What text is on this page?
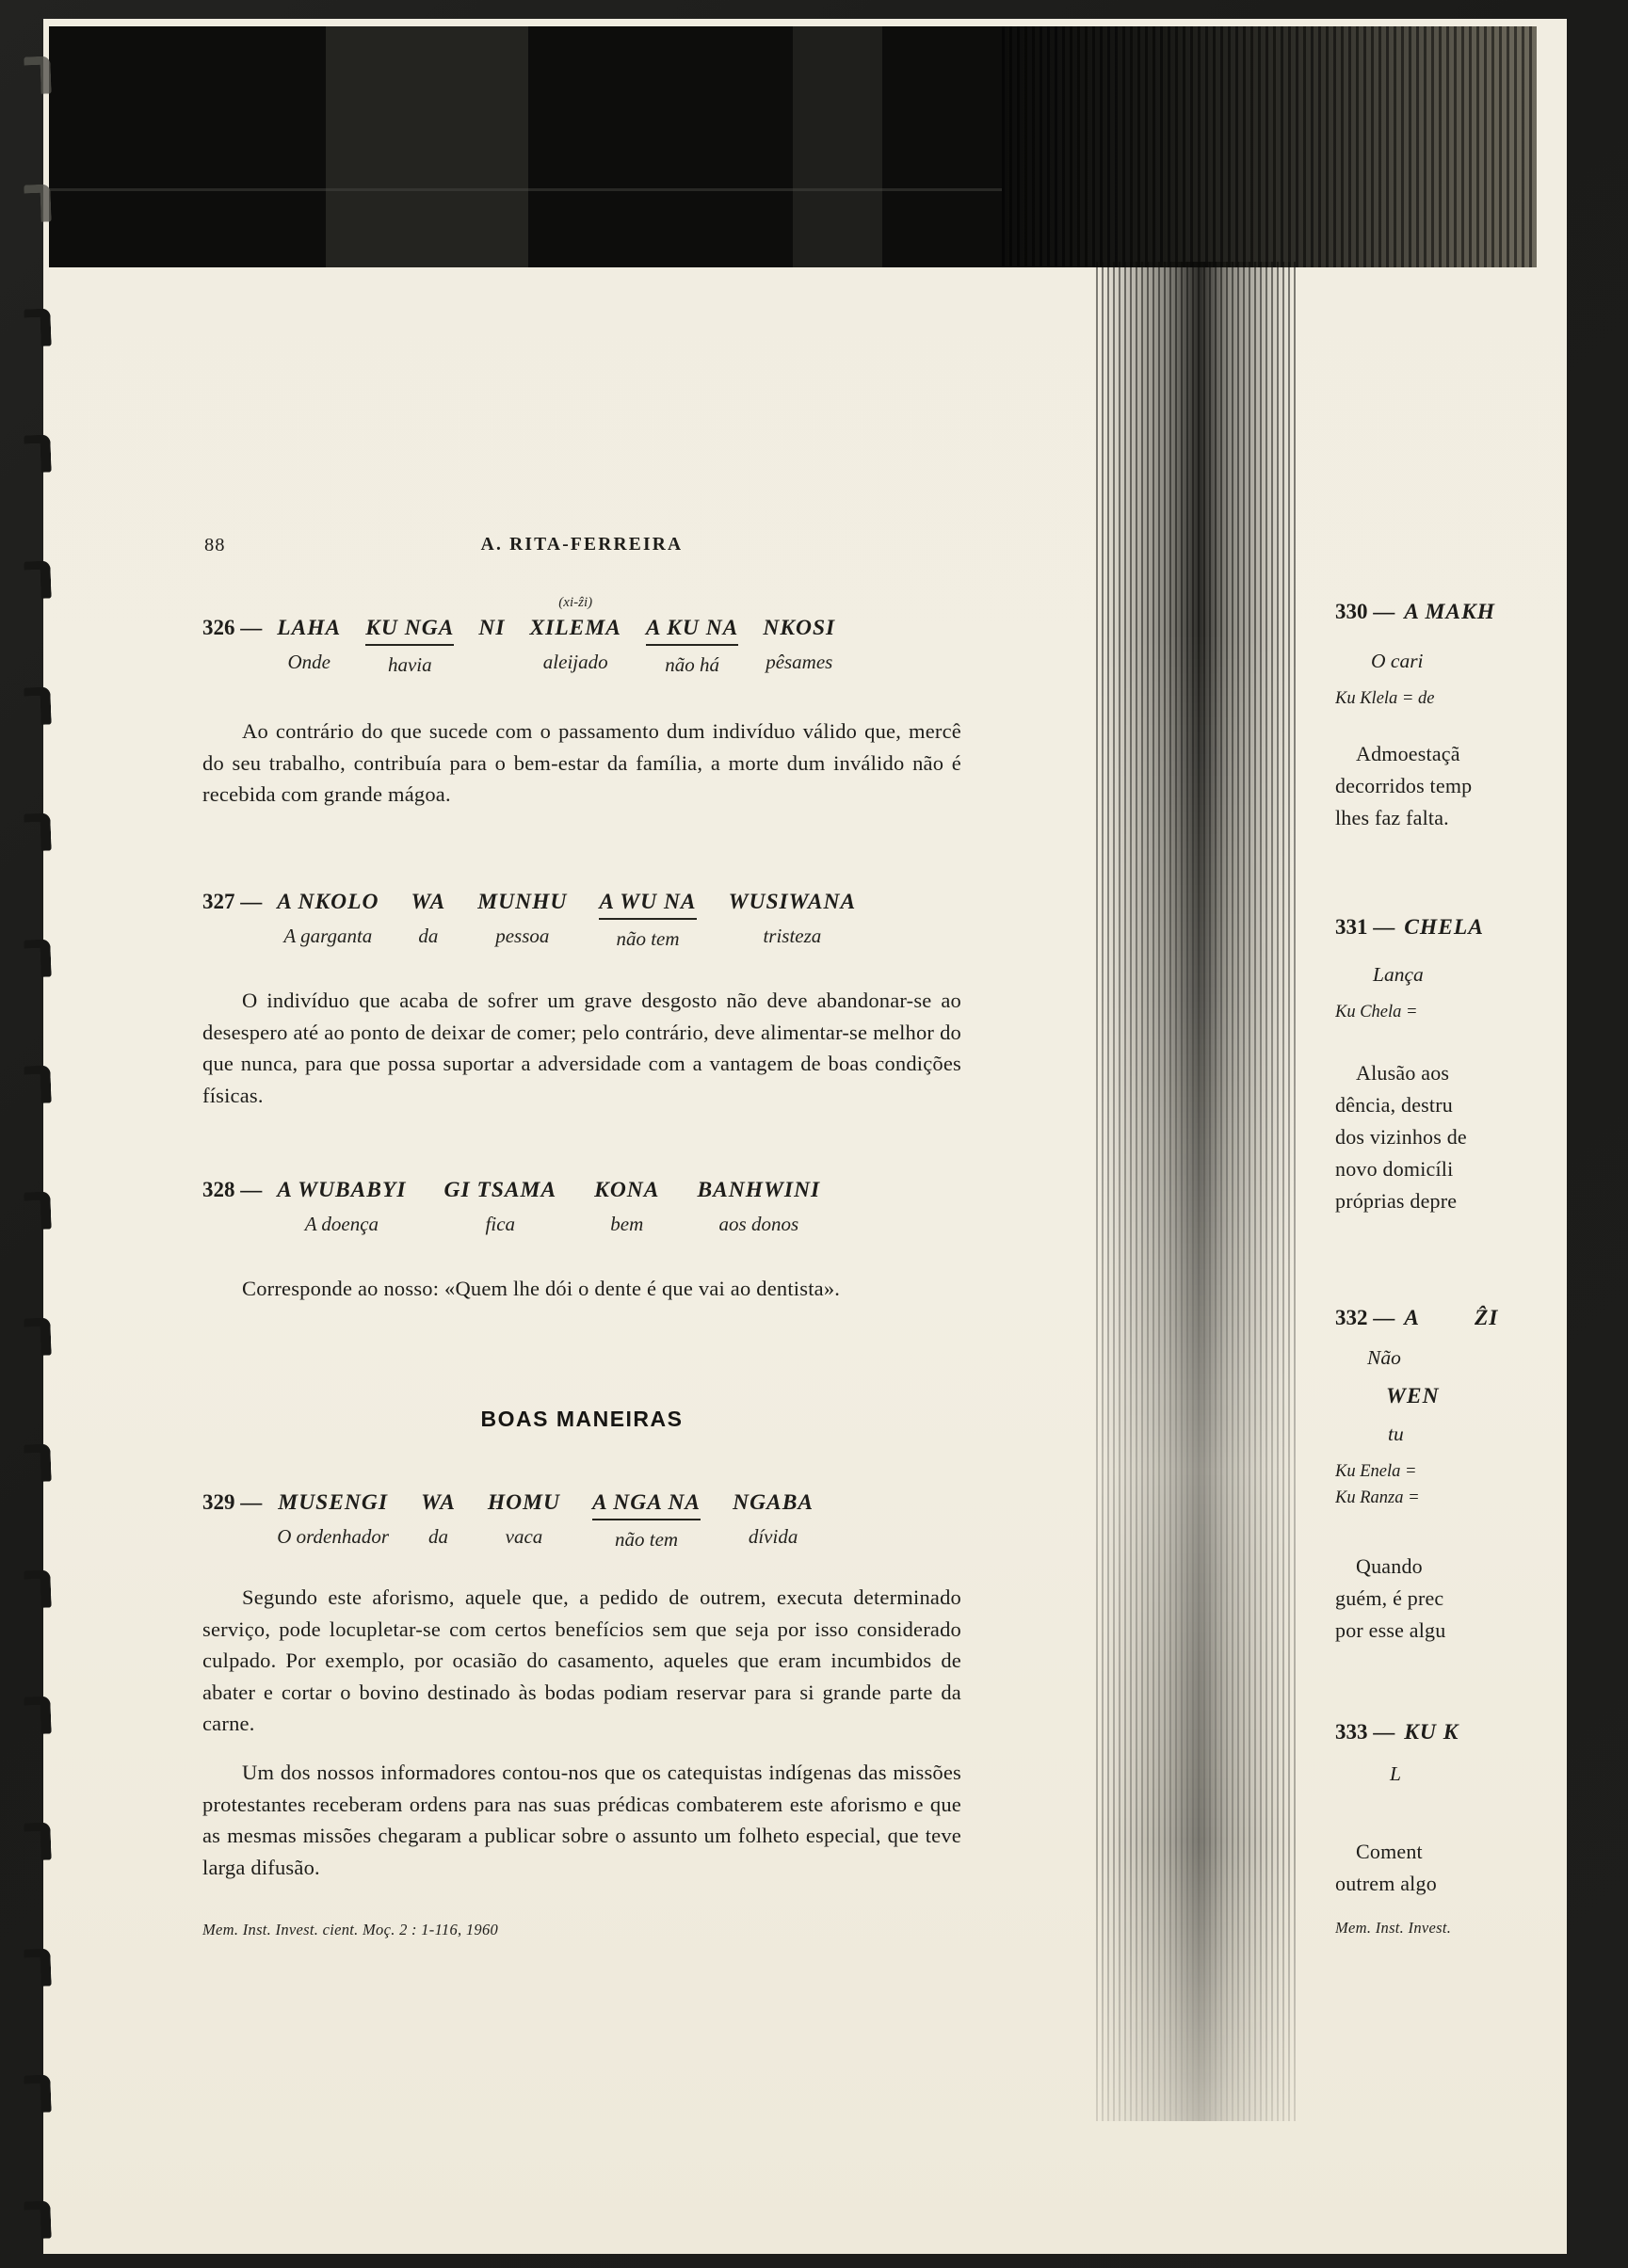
88	A. RITA-FERREIRA
326 — LAHA
Onde
KU NGA
havia
NI
(xi-ẑi)
XILEMA
aleijado
A KU NA
não há
NKOSI
pêsames

Ao contrário do que sucede com o passamento dum indivíduo válido que, mercê do seu trabalho, contribuía para o bem-estar da família, a morte dum inválido não é recebida com grande mágoa.

327 — A NKOLO
A garganta
WA
da
MUNHU
pessoa
A WU NA
não tem
WUSIWANA
tristeza

O indivíduo que acaba de sofrer um grave desgosto não deve abandonar-se ao desespero até ao ponto de deixar de comer; pelo contrário, deve alimentar-se melhor do que nunca, para que possa suportar a adversidade com a vantagem de boas condições físicas.

328 — A WUBABYI
A doença
GI TSAMA
fica
KONA
bem
BANHWINI
aos donos

Corresponde ao nosso: «Quem lhe dói o dente é que vai ao dentista».

BOAS MANEIRAS
329 — MUSENGI
O ordenhador
WA
da
HOMU
vaca
A NGA NA
não tem
NGABA
dívida

Segundo este aforismo, aquele que, a pedido de outrem, executa determinado serviço, pode locupletar-se com certos benefícios sem que seja por isso considerado culpado. Por exemplo, por ocasião do casamento, aqueles que eram incumbidos de abater e cortar o bovino destinado às bodas podiam reservar para si grande parte da carne.

Um dos nossos informadores contou-nos que os catequistas indígenas das missões protestantes receberam ordens para nas suas prédicas combaterem este aforismo e que as mesmas missões chegaram a publicar sobre o assunto um folheto especial, que teve larga difusão.

Mem. Inst. Invest. cient. Moç. 2 : 1-116, 1960
330 — A MAKH
O cari
Ku Klela = de
Admoestaçã
decorridos temp
lhes faz falta.
331 — CHELA
Lança
Ku Chela =
Alusão aos
dência, destru
dos vizinhos de
novo domicíli
próprias depre
332 — A ẐI
Não
WEN
tu
Ku Enela =
Ku Ranza =
Quando
guém, é prec
por esse algu
333 — KU K
L
Coment
outrem algo
Mem. Inst. Invest.
